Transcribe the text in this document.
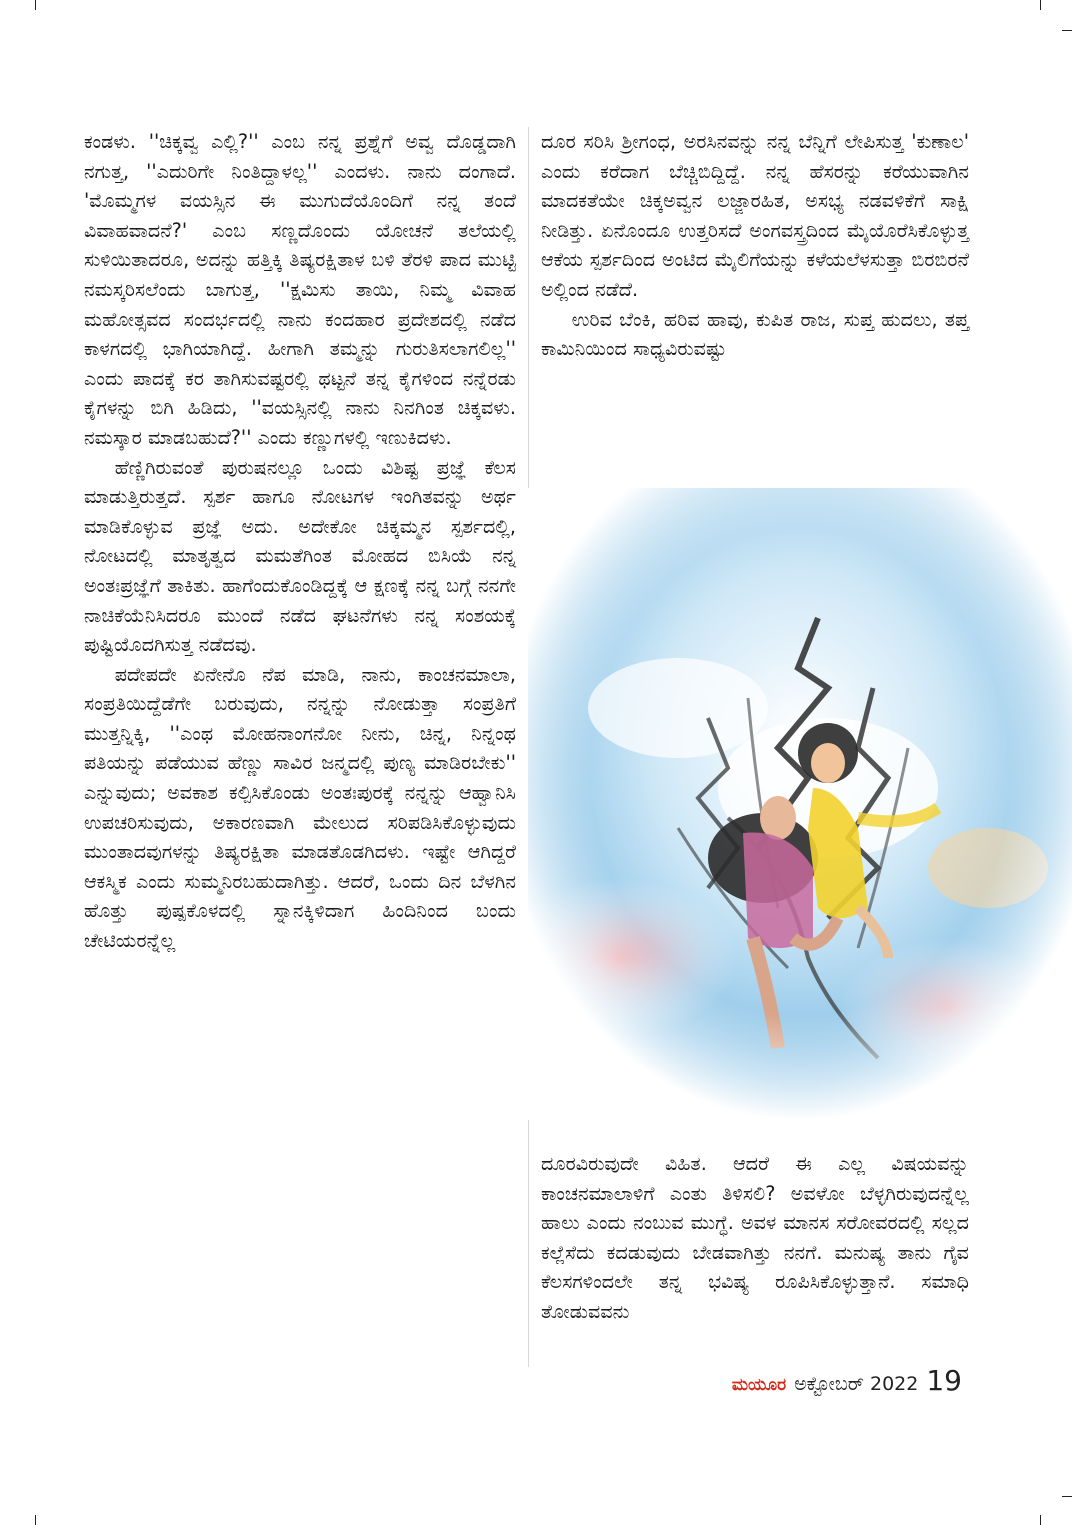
ಕಂಡಳು. ''ಚಿಕ್ಕವ್ವ ಎಲ್ಲಿ?'' ಎಂಬ ನನ್ನ ಪ್ರಶ್ನೆಗೆ ಅವ್ವ ದೊಡ್ಡದಾಗಿ ನಗುತ್ತ, ''ಎದುರಿಗೇ ನಿಂತಿದ್ದಾಳಲ್ಲ'' ಎಂದಳು. ನಾನು ದಂಗಾದೆ. 'ಮೊಮ್ಮಗಳ ವಯಸ್ಸಿನ ಈ ಮುಗುದೆಯೊಂದಿಗೆ ನನ್ನ ತಂದೆ ವಿವಾಹವಾದನೆ?' ಎಂಬ ಸಣ್ಣದೊಂದು ಯೋಚನೆ ತಲೆಯಲ್ಲಿ ಸುಳಿಯಿತಾದರೂ, ಅದನ್ನು ಹತ್ತಿಕ್ಕಿ ತಿಷ್ಯರಕ್ಷಿತಾಳ ಬಳಿ ತೆರಳಿ ಪಾದ ಮುಟ್ಟಿ ನಮಸ್ಕರಿಸಲೆಂದು ಬಾಗುತ್ತ, ''ಕ್ಷಮಿಸು ತಾಯಿ, ನಿಮ್ಮ ವಿವಾಹ ಮಹೋತ್ಸವದ ಸಂದರ್ಭದಲ್ಲಿ ನಾನು ಕಂದಹಾರ ಪ್ರದೇಶದಲ್ಲಿ ನಡೆದ ಕಾಳಗದಲ್ಲಿ ಭಾಗಿಯಾಗಿದ್ದೆ. ಹೀಗಾಗಿ ತಮ್ಮನ್ನು ಗುರುತಿಸಲಾಗಲಿಲ್ಲ'' ಎಂದು ಪಾದಕ್ಕೆ ಕರ ತಾಗಿಸುವಷ್ಟರಲ್ಲಿ ಥಟ್ಟನೆ ತನ್ನ ಕೈಗಳಿಂದ ನನ್ನೆರಡು ಕೈಗಳನ್ನು ಬಿಗಿ ಹಿಡಿದು, ''ವಯಸ್ಸಿನಲ್ಲಿ ನಾನು ನಿನಗಿಂತ ಚಿಕ್ಕವಳು. ನಮಸ್ಕಾರ ಮಾಡಬಹುದೆ?'' ಎಂದು ಕಣ್ಣುಗಳಲ್ಲಿ ಇಣುಕಿದಳು.

ಹೆಣ್ಣಿಗಿರುವಂತೆ ಪುರುಷನಲ್ಲೂ ಒಂದು ವಿಶಿಷ್ಟ ಪ್ರಜ್ಞೆ ಕೆಲಸ ಮಾಡುತ್ತಿರುತ್ತದೆ. ಸ್ಪರ್ಶ ಹಾಗೂ ನೋಟಗಳ ಇಂಗಿತವನ್ನು ಅರ್ಥ ಮಾಡಿಕೊಳ್ಳುವ ಪ್ರಜ್ಞೆ ಅದು. ಅದೇಕೋ ಚಿಕ್ಕಮ್ಮನ ಸ್ಪರ್ಶದಲ್ಲಿ, ನೋಟದಲ್ಲಿ ಮಾತೃತ್ವದ ಮಮತೆಗಿಂತ ಮೋಹದ ಬಿಸಿಯೆ ನನ್ನ ಅಂತಃಪ್ರಜ್ಞೆಗೆ ತಾಕಿತು. ಹಾಗೆಂದುಕೊಂಡಿದ್ದಕ್ಕೆ ಆ ಕ್ಷಣಕ್ಕೆ ನನ್ನ ಬಗ್ಗೆ ನನಗೇ ನಾಚಿಕೆಯೆನಿಸಿದರೂ ಮುಂದೆ ನಡೆದ ಘಟನೆಗಳು ನನ್ನ ಸಂಶಯಕ್ಕೆ ಪುಷ್ಟಿಯೊದಗಿಸುತ್ತ ನಡೆದವು.

ಪದೇಪದೇ ಏನೇನೊ ನೆಪ ಮಾಡಿ, ನಾನು, ಕಾಂಚನಮಾಲಾ, ಸಂಪ್ರತಿಯಿದ್ದೆಡೆಗೇ ಬರುವುದು, ನನ್ನನ್ನು ನೋಡುತ್ತಾ ಸಂಪ್ರತಿಗೆ ಮುತ್ತನ್ನಿಕ್ಕಿ, ''ಎಂಥ ಮೋಹನಾಂಗನೋ ನೀನು, ಚಿನ್ನ, ನಿನ್ನಂಥ ಪತಿಯನ್ನು ಪಡೆಯುವ ಹೆಣ್ಣು ಸಾವಿರ ಜನ್ಮದಲ್ಲಿ ಪುಣ್ಯ ಮಾಡಿರಬೇಕು'' ಎನ್ನುವುದು; ಅವಕಾಶ ಕಲ್ಪಿಸಿಕೊಂಡು ಅಂತಃಪುರಕ್ಕೆ ನನ್ನನ್ನು ಆಹ್ವಾನಿಸಿ ಉಪಚರಿಸುವುದು, ಅಕಾರಣವಾಗಿ ಮೇಲುದ ಸರಿಪಡಿಸಿಕೊಳ್ಳುವುದು ಮುಂತಾದವುಗಳನ್ನು ತಿಷ್ಯರಕ್ಷಿತಾ ಮಾಡತೊಡಗಿದಳು. ಇಷ್ಟೇ ಆಗಿದ್ದರೆ ಆಕಸ್ಮಿಕ ಎಂದು ಸುಮ್ಮನಿರಬಹುದಾಗಿತ್ತು. ಆದರೆ, ಒಂದು ದಿನ ಬೆಳಗಿನ ಹೊತ್ತು ಪುಷ್ಪಕೊಳದಲ್ಲಿ ಸ್ನಾನಕ್ಕಿಳಿದಾಗ ಹಿಂದಿನಿಂದ ಬಂದು ಚೇಟಿಯರನ್ನೆಲ್ಲ

ದೂರ ಸರಿಸಿ ಶ್ರೀಗಂಧ, ಅರಸಿನವನ್ನು ನನ್ನ ಬೆನ್ನಿಗೆ ಲೇಪಿಸುತ್ತ 'ಕುಣಾಲ' ಎಂದು ಕರೆದಾಗ ಬೆಚ್ಚಿಬಿದ್ದಿದ್ದೆ. ನನ್ನ ಹೆಸರನ್ನು ಕರೆಯುವಾಗಿನ ಮಾದಕತೆಯೇ ಚಿಕ್ಕಅವ್ವನ ಲಜ್ಜಾರಹಿತ, ಅಸಭ್ಯ ನಡವಳಿಕೆಗೆ ಸಾಕ್ಷಿ ನೀಡಿತ್ತು. ಏನೊಂದೂ ಉತ್ತರಿಸದೆ ಅಂಗವಸ್ತ್ರದಿಂದ ಮೈಯೊರೆಸಿಕೊಳ್ಳುತ್ತ ಆಕೆಯ ಸ್ಪರ್ಶದಿಂದ ಅಂಟಿದ ಮೈಲಿಗೆಯನ್ನು ಕಳೆಯಲೆಳಸುತ್ತಾ ಬಿರಬಿರನೆ ಅಲ್ಲಿಂದ ನಡೆದೆ.

ಉರಿವ ಬೆಂಕಿ, ಹರಿವ ಹಾವು, ಕುಪಿತ ರಾಜ, ಸುಪ್ತ ಹುದಲು, ತಪ್ತ ಕಾಮಿನಿಯಿಂದ ಸಾಧ್ಯವಿರುವಷ್ಟು

ದೂರವಿರುವುದೇ ವಿಹಿತ. ಆದರೆ ಈ ಎಲ್ಲ ವಿಷಯವನ್ನು ಕಾಂಚನಮಾಲಾಳಿಗೆ ಎಂತು ತಿಳಿಸಲಿ? ಅವಳೋ ಬೆಳ್ಳಗಿರುವುದನ್ನೆಲ್ಲ ಹಾಲು ಎಂದು ನಂಬುವ ಮುಗ್ಧೆ. ಅವಳ ಮಾನಸ ಸರೋವರದಲ್ಲಿ ಸಲ್ಲದ ಕಲ್ಲೆಸೆದು ಕದಡುವುದು ಬೇಡವಾಗಿತ್ತು ನನಗೆ. ಮನುಷ್ಯ ತಾನು ಗೈವ ಕೆಲಸಗಳಿಂದಲೇ ತನ್ನ ಭವಿಷ್ಯ ರೂಪಿಸಿಕೊಳ್ಳುತ್ತಾನೆ. ಸಮಾಧಿ ತೋಡುವವನು

ಮಯೂರ ಅಕ್ಟೋಬರ್ 2022 19
